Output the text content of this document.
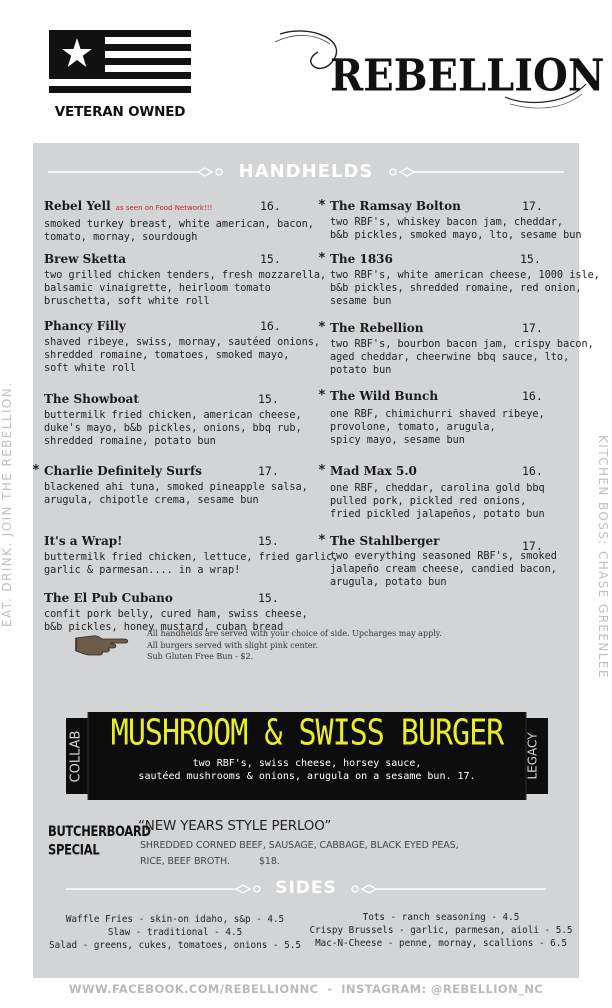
VETERAN OWNED
REBELLION
HANDHELDS
Rebel Yell as seen on Food Network!!!	16.
smoked turkey breast, white american, bacon,
tomato, mornay, sourdough
Brew Sketta	15.
two grilled chicken tenders, fresh mozzarella,
balsamic vinaigrette, heirloom tomato
bruschetta, soft white roll
Phancy Filly	16.
shaved ribeye, swiss, mornay, sautéed onions,
shredded romaine, tomatoes, smoked mayo,
soft white roll
The Showboat	15.
buttermilk fried chicken, american cheese,
duke's mayo, b&b pickles, onions, bbq rub,
shredded romaine, potato bun
* Charlie Definitely Surfs	17.
blackened ahi tuna, smoked pineapple salsa,
arugula, chipotle crema, sesame bun
It's a Wrap!	15.
buttermilk fried chicken, lettuce, fried garlic,
garlic & parmesan.... in a wrap!
The El Pub Cubano	15.
confit pork belly, cured ham, swiss cheese,
b&b pickles, honey mustard, cuban bread
* The Ramsay Bolton	17.
two RBF's, whiskey bacon jam, cheddar,
b&b pickles, smoked mayo, lto, sesame bun
* The 1836	15.
two RBF's, white american cheese, 1000 isle,
b&b pickles, shredded romaine, red onion,
sesame bun
* The Rebellion	17.
two RBF's, bourbon bacon jam, crispy bacon,
aged cheddar, cheerwine bbq sauce, lto,
potato bun
* The Wild Bunch	16.
one RBF, chimichurri shaved ribeye,
provolone, tomato, arugula,
spicy mayo, sesame bun
* Mad Max 5.0	16.
one RBF, cheddar, carolina gold bbq
pulled pork, pickled red onions,
fried pickled jalapeños, potato bun
* The Stahlberger	17.
two everything seasoned RBF's, smoked
jalapeño cream cheese, candied bacon,
arugula, potato bun
All handhelds are served with your choice of side. Upcharges may apply.
All burgers served with slight pink center.
Sub Gluten Free Bun - $2.
COLLAB	LEGACY
MUSHROOM & SWISS BURGER
two RBF's, swiss cheese, horsey sauce,
sautéed mushrooms & onions, arugula on a sesame bun. 17.
BUTCHERBOARD
SPECIAL
“NEW YEARS STYLE PERLOO”
SHREDDED CORNED BEEF, SAUSAGE, CABBAGE, BLACK EYED PEAS,
RICE, BEEF BROTH.          $18.
SIDES
Waffle Fries - skin-on idaho, s&p - 4.5
Slaw - traditional - 4.5
Salad - greens, cukes, tomatoes, onions - 5.5
Tots - ranch seasoning - 4.5
Crispy Brussels - garlic, parmesan, aioli - 5.5
Mac-N-Cheese - penne, mornay, scallions - 6.5
EAT. DRINK. JOIN THE REBELLION.	KITCHEN BOSS: CHASE GREENLEE
WWW.FACEBOOK.COM/REBELLIONNC  -  INSTAGRAM: @REBELLION_NC
